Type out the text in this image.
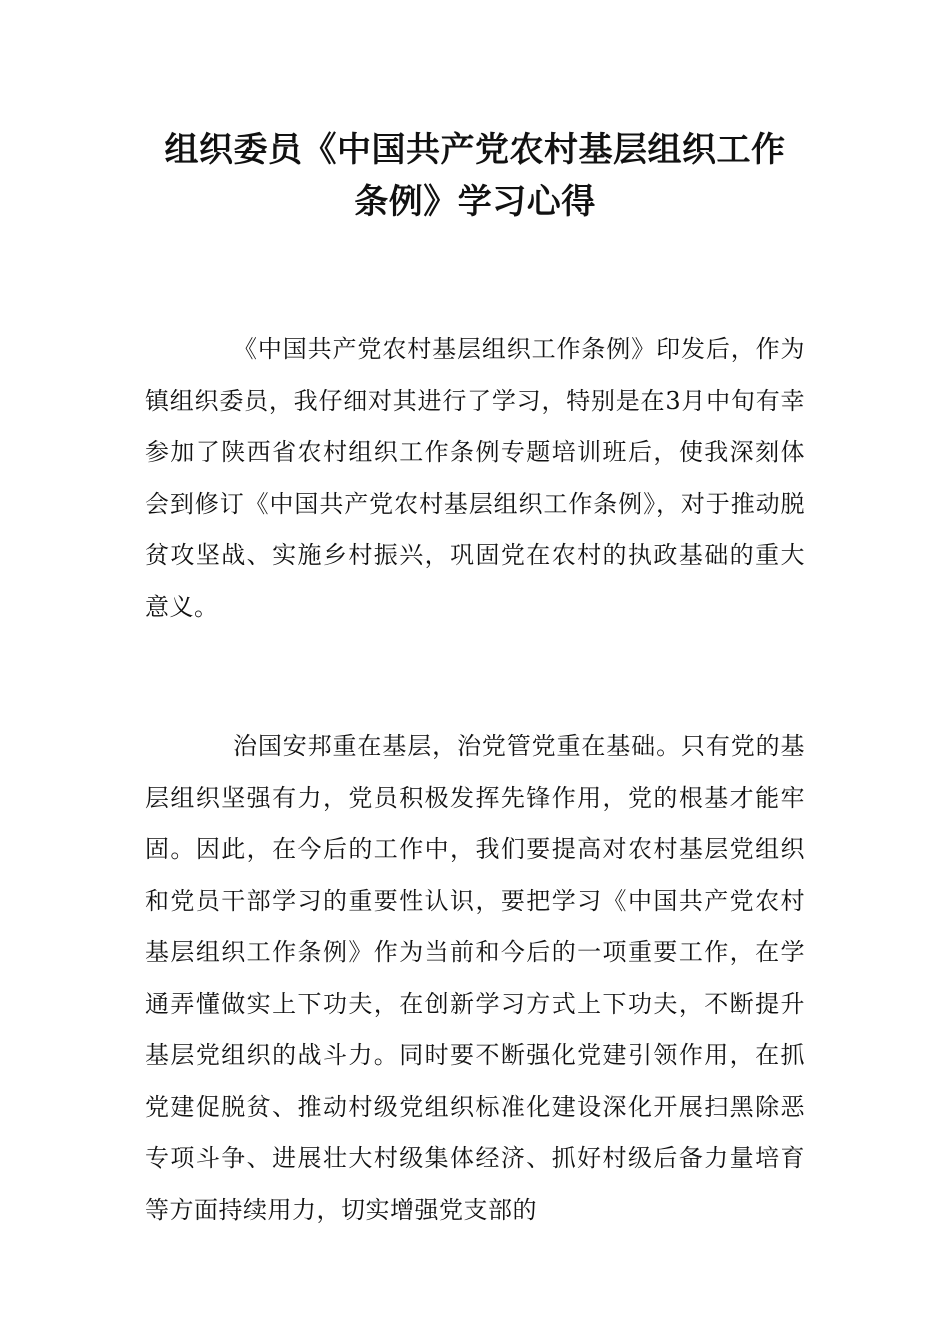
组织委员《中国共产党农村基层组织工作
条例》学习心得

《中国共产党农村基层组织工作条例》印发后，作为镇组织委员，我仔细对其进行了学习，特别是在3月中旬有幸参加了陕西省农村组织工作条例专题培训班后，使我深刻体会到修订《中国共产党农村基层组织工作条例》，对于推动脱贫攻坚战、实施乡村振兴，巩固党在农村的执政基础的重大意义。

治国安邦重在基层，治党管党重在基础。只有党的基层组织坚强有力，党员积极发挥先锋作用，党的根基才能牢固。因此，在今后的工作中，我们要提高对农村基层党组织和党员干部学习的重要性认识，要把学习《中国共产党农村基层组织工作条例》作为当前和今后的一项重要工作，在学通弄懂做实上下功夫，在创新学习方式上下功夫，不断提升基层党组织的战斗力。同时要不断强化党建引领作用，在抓党建促脱贫、推动村级党组织标准化建设深化开展扫黑除恶专项斗争、进展壮大村级集体经济、抓好村级后备力量培育等方面持续用力，切实增强党支部的
